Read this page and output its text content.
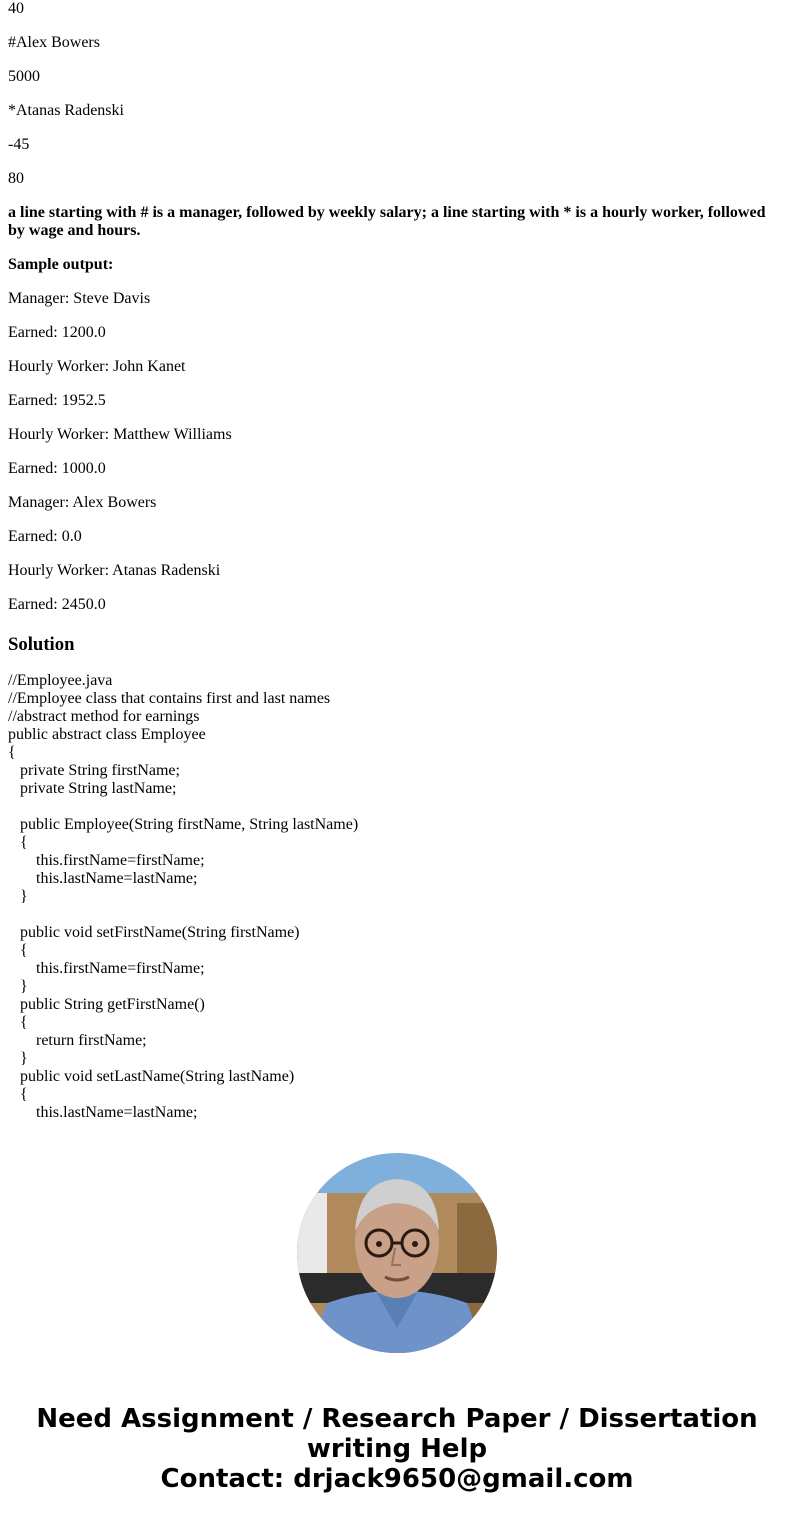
40

#Alex Bowers

5000

*Atanas Radenski

-45

80

a line starting with # is a manager, followed by weekly salary; a line starting with * is a hourly worker, followed by wage and hours.

Sample output:

Manager: Steve Davis

Earned: 1200.0

Hourly Worker: John Kanet

Earned: 1952.5

Hourly Worker: Matthew Williams

Earned: 1000.0

Manager: Alex Bowers

Earned: 0.0

Hourly Worker: Atanas Radenski

Earned: 2450.0

Solution
//Employee.java
//Employee class that contains first and last names
//abstract method for earnings
public abstract class Employee
{
private String firstName;
private String lastName;

public Employee(String firstName, String lastName)
{
this.firstName=firstName;
this.lastName=lastName;
}

public void setFirstName(String firstName)
{
this.firstName=firstName;
}
public String getFirstName()
{
return firstName;
}
public void setLastName(String lastName)
{
this.lastName=lastName;
Need Assignment / Research Paper / Dissertation
writing Help
Contact: drjack9650@gmail.com
